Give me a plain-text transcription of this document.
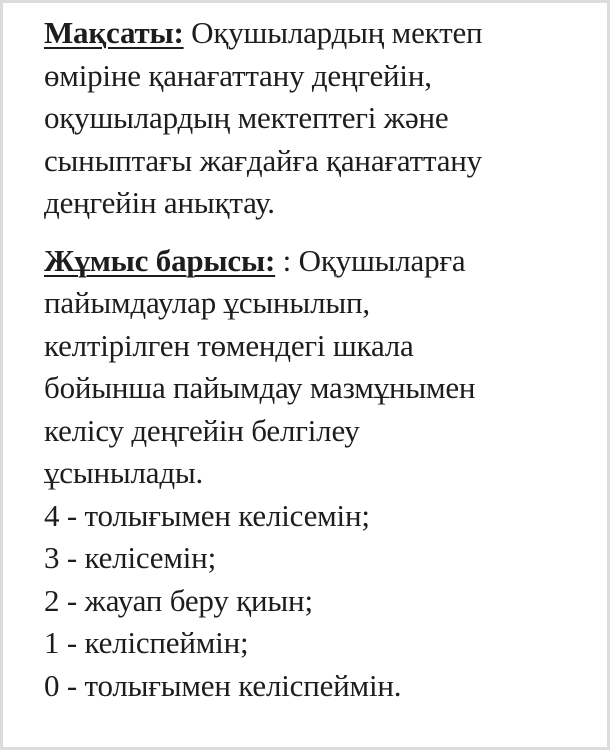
Мақсаты: Оқушылардың мектеп
өміріне қанағаттану деңгейін,
оқушылардың мектептегі және
сыныптағы жағдайға қанағаттану
деңгейін анықтау.
Жұмыс барысы: : Оқушыларға
пайымдаулар ұсынылып,
келтірілген төмендегі шкала
бойынша пайымдау мазмұнымен
келісу деңгейін белгілеу
ұсынылады.
4 - толығымен келісемін;
3 - келісемін;
2 - жауап беру қиын;
1 - келіспеймін;
0 - толығымен келіспеймін.
